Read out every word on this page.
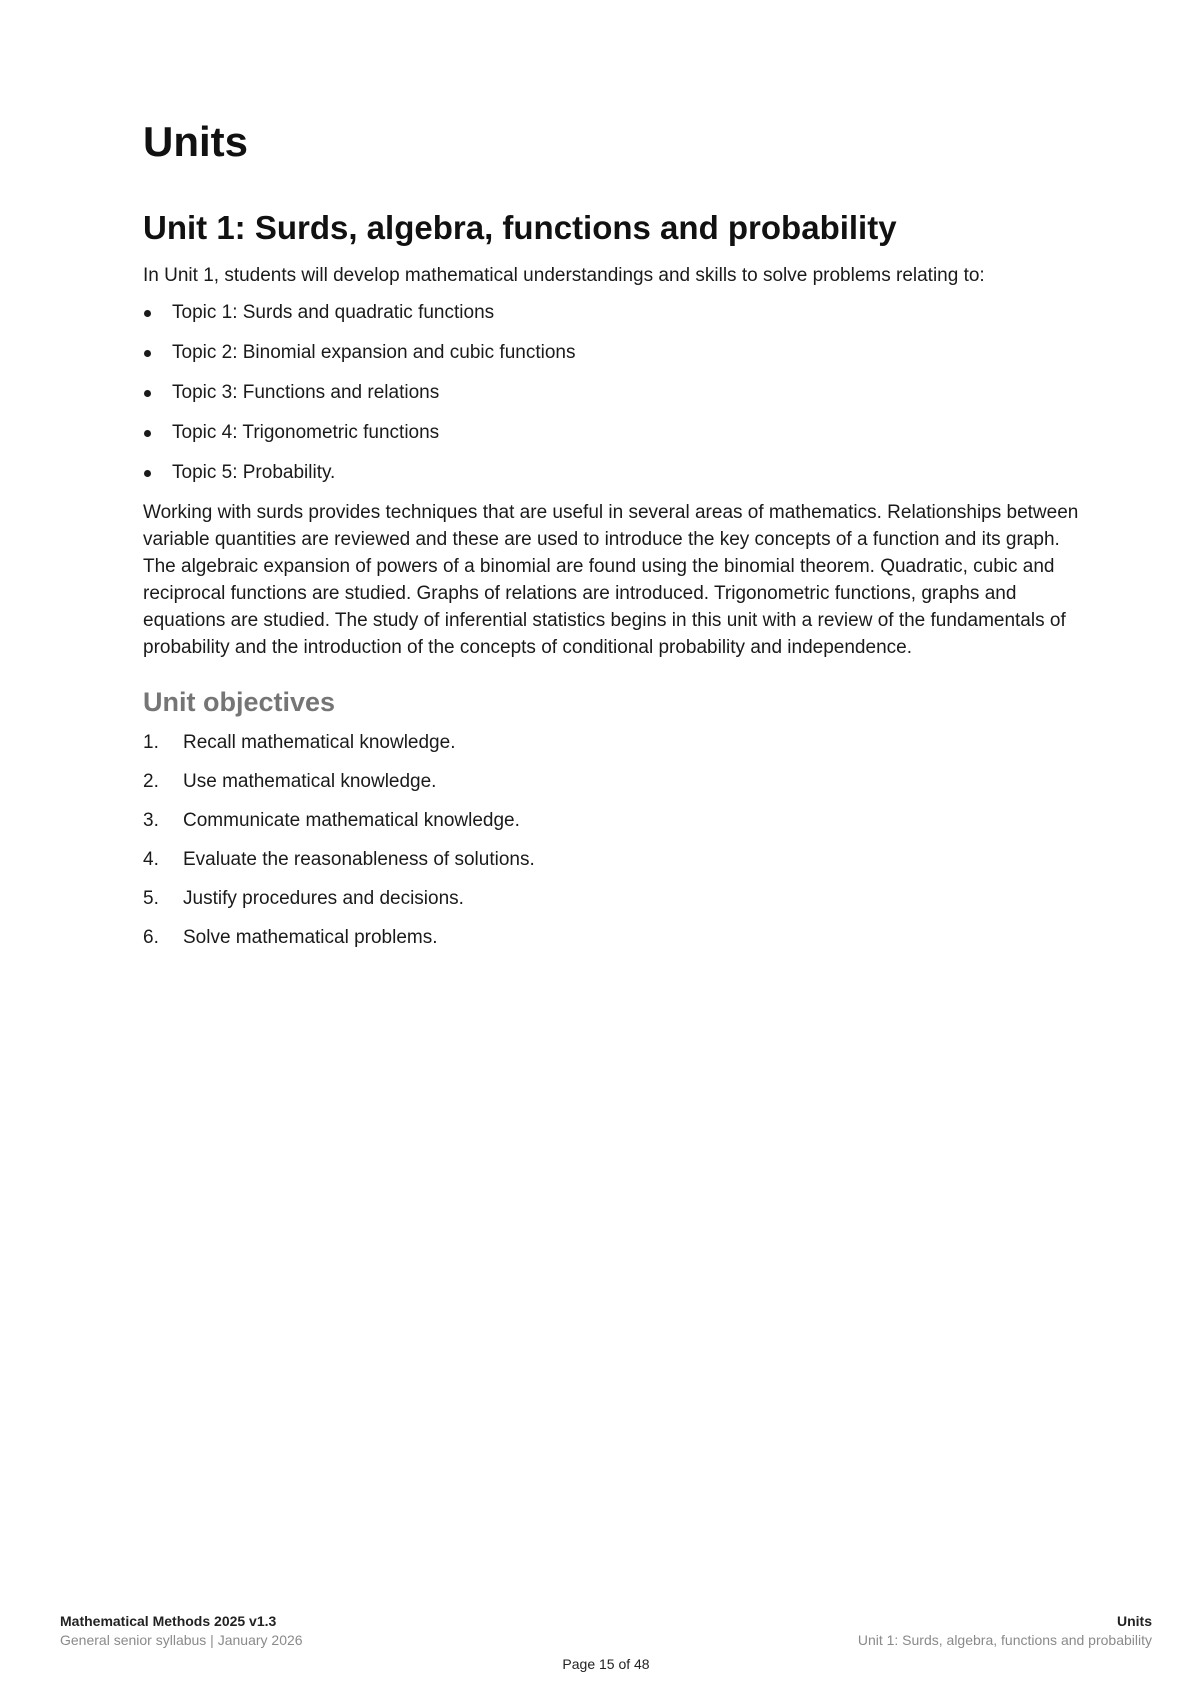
Units
Unit 1: Surds, algebra, functions and probability

In Unit 1, students will develop mathematical understandings and skills to solve problems relating to:

Topic 1: Surds and quadratic functions
Topic 2: Binomial expansion and cubic functions
Topic 3: Functions and relations
Topic 4: Trigonometric functions
Topic 5: Probability.

Working with surds provides techniques that are useful in several areas of mathematics. Relationships between variable quantities are reviewed and these are used to introduce the key concepts of a function and its graph. The algebraic expansion of powers of a binomial are found using the binomial theorem. Quadratic, cubic and reciprocal functions are studied. Graphs of relations are introduced. Trigonometric functions, graphs and equations are studied. The study of inferential statistics begins in this unit with a review of the fundamentals of probability and the introduction of the concepts of conditional probability and independence.

Unit objectives
1. Recall mathematical knowledge.
2. Use mathematical knowledge.
3. Communicate mathematical knowledge.
4. Evaluate the reasonableness of solutions.
5. Justify procedures and decisions.
6. Solve mathematical problems.
Mathematical Methods 2025 v1.3
General senior syllabus | January 2026
Units
Unit 1: Surds, algebra, functions and probability
Page 15 of 48
